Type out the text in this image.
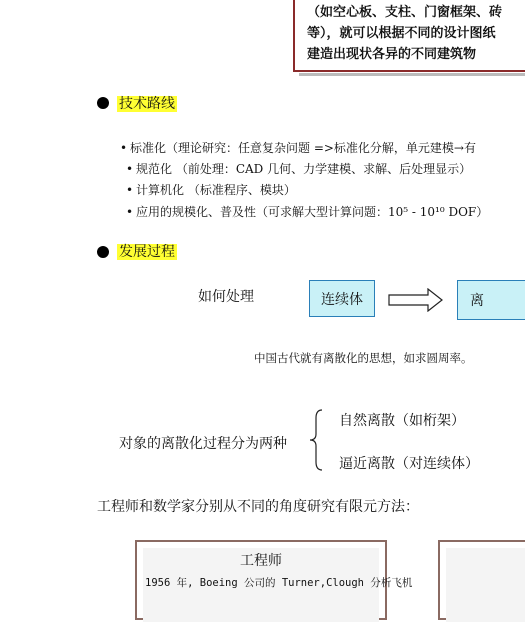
（如空心板、支柱、门窗框架、砖
等），就可以根据不同的设计图纸
建造出现状各异的不同建筑物
技术路线
• 标准化（理论研究：任意复杂问题 =>标准化分解，单元建模→有
• 规范化 （前处理：CAD 几何、力学建模、求解、后处理显示）
• 计算机化 （标准程序、模块）
• 应用的规模化、普及性（可求解大型计算问题：10⁵ - 10¹⁰ DOF）
发展过程
如何处理	连续体	离
中国古代就有离散化的思想，如求圆周率。
对象的离散化过程分为两种
自然离散（如桁架）
逼近离散（对连续体）
工程师和数学家分别从不同的角度研究有限元方法：
工程师
1956 年, Boeing 公司的 Turner,Clough 分析飞机
